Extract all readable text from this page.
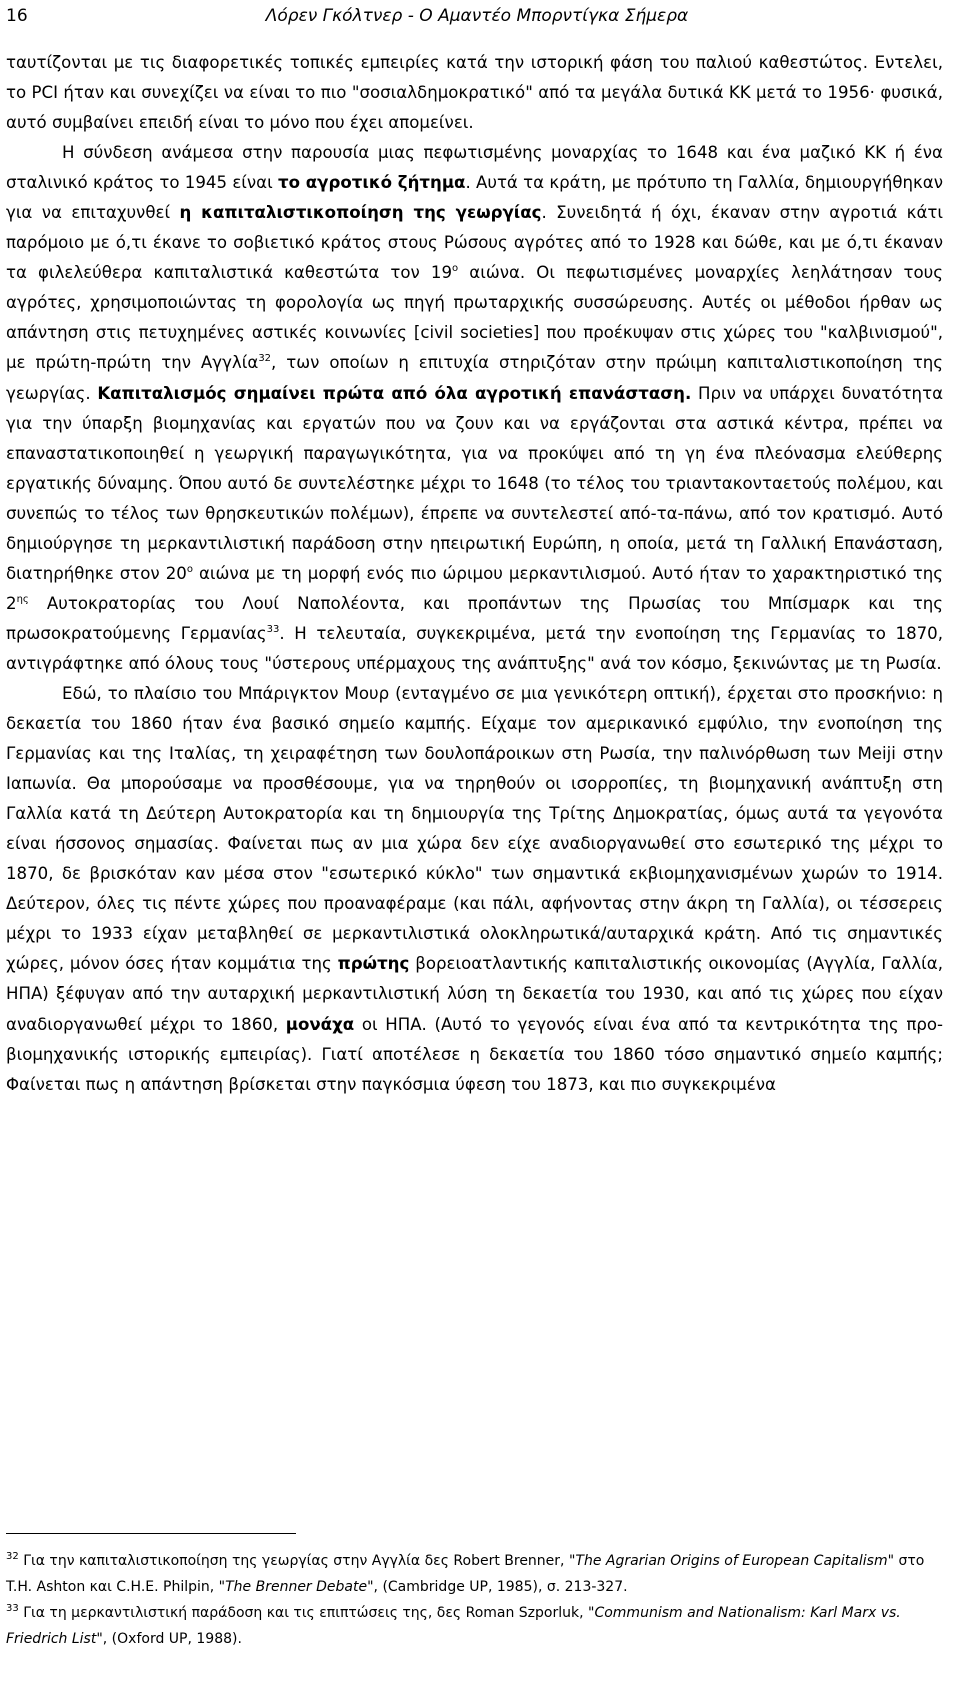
16	Λόρεν Γκόλτνερ - Ο Αμαντέο Μπορντίγκα Σήμερα

ταυτίζονται με τις διαφορετικές τοπικές εμπειρίες κατά την ιστορική φάση του παλιού καθεστώτος. Εντελει, το PCI ήταν και συνεχίζει να είναι το πιο "σοσιαλδημοκρατικό" από τα μεγάλα δυτικά ΚΚ μετά το 1956· φυσικά, αυτό συμβαίνει επειδή είναι το μόνο που έχει απομείνει.

Η σύνδεση ανάμεσα στην παρουσία μιας πεφωτισμένης μοναρχίας το 1648 και ένα μαζικό ΚΚ ή ένα σταλινικό κράτος το 1945 είναι το αγροτικό ζήτημα. Αυτά τα κράτη, με πρότυπο τη Γαλλία, δημιουργήθηκαν για να επιταχυνθεί η καπιταλιστικοποίηση της γεωργίας. Συνειδητά ή όχι, έκαναν στην αγροτιά κάτι παρόμοιο με ό,τι έκανε το σοβιετικό κράτος στους Ρώσους αγρότες από το 1928 και δώθε, και με ό,τι έκαναν τα φιλελεύθερα καπιταλιστικά καθεστώτα τον $19^o$ αιώνα. Οι πεφωτισμένες μοναρχίες λεηλάτησαν τους αγρότες, χρησιμοποιώντας τη φορολογία ως πηγή πρωταρχικής συσσώρευσης. Αυτές οι μέθοδοι ήρθαν ως απάντηση στις πετυχημένες αστικές κοινωνίες [civil societies] που προέκυψαν στις χώρες του "καλβινισμού", με πρώτη-πρώτη την Αγγλία$^{32}$, των οποίων η επιτυχία στηριζόταν στην πρώιμη καπιταλιστικοποίηση της γεωργίας. Καπιταλισμός σημαίνει πρώτα από όλα αγροτική επανάσταση. Πριν να υπάρχει δυνατότητα για την ύπαρξη βιομηχανίας και εργατών που να ζουν και να εργάζονται στα αστικά κέντρα, πρέπει να επαναστατικοποιηθεί η γεωργική παραγωγικότητα, για να προκύψει από τη γη ένα πλεόνασμα ελεύθερης εργατικής δύναμης. Όπου αυτό δε συντελέστηκε μέχρι το 1648 (το τέλος του τριαντακονταετούς πολέμου, και συνεπώς το τέλος των θρησκευτικών πολέμων), έπρεπε να συντελεστεί από-τα-πάνω, από τον κρατισμό. Αυτό δημιούργησε τη μερκαντιλιστική παράδοση στην ηπειρωτική Ευρώπη, η οποία, μετά τη Γαλλική Επανάσταση, διατηρήθηκε στον $20^o$ αιώνα με τη μορφή ενός πιο ώριμου μερκαντιλισμού. Αυτό ήταν το χαρακτηριστικό της $2^{\eta\varsigma}$ Αυτοκρατορίας του Λουί Ναπολέοντα, και προπάντων της Πρωσίας του Μπίσμαρκ και της πρωσοκρατούμενης Γερμανίας$^{33}$. Η τελευταία, συγκεκριμένα, μετά την ενοποίηση της Γερμανίας το 1870, αντιγράφτηκε από όλους τους "ύστερους υπέρμαχους της ανάπτυξης" ανά τον κόσμο, ξεκινώντας με τη Ρωσία.

Εδώ, το πλαίσιο του Μπάριγκτον Μουρ (ενταγμένο σε μια γενικότερη οπτική), έρχεται στο προσκήνιο: η δεκαετία του 1860 ήταν ένα βασικό σημείο καμπής. Είχαμε τον αμερικανικό εμφύλιο, την ενοποίηση της Γερμανίας και της Ιταλίας, τη χειραφέτηση των δουλοπάροικων στη Ρωσία, την παλινόρθωση των Meiji στην Ιαπωνία. Θα μπορούσαμε να προσθέσουμε, για να τηρηθούν οι ισορροπίες, τη βιομηχανική ανάπτυξη στη Γαλλία κατά τη Δεύτερη Αυτοκρατορία και τη δημιουργία της Τρίτης Δημοκρατίας, όμως αυτά τα γεγονότα είναι ήσσονος σημασίας. Φαίνεται πως αν μια χώρα δεν είχε αναδιοργανωθεί στο εσωτερικό της μέχρι το 1870, δε βρισκόταν καν μέσα στον "εσωτερικό κύκλο" των σημαντικά εκβιομηχανισμένων χωρών το 1914. Δεύτερον, όλες τις πέντε χώρες που προαναφέραμε (και πάλι, αφήνοντας στην άκρη τη Γαλλία), οι τέσσερεις μέχρι το 1933 είχαν μεταβληθεί σε μερκαντιλιστικά ολοκληρωτικά/αυταρχικά κράτη. Από τις σημαντικές χώρες, μόνον όσες ήταν κομμάτια της πρώτης βορειοατλαντικής καπιταλιστικής οικονομίας (Αγγλία, Γαλλία, ΗΠΑ) ξέφυγαν από την αυταρχική μερκαντιλιστική λύση τη δεκαετία του 1930, και από τις χώρες που είχαν αναδιοργανωθεί μέχρι το 1860, μονάχα οι ΗΠΑ. (Αυτό το γεγονός είναι ένα από τα κεντρικότητα της προ-βιομηχανικής ιστορικής εμπειρίας). Γιατί αποτέλεσε η δεκαετία του 1860 τόσο σημαντικό σημείο καμπής; Φαίνεται πως η απάντηση βρίσκεται στην παγκόσμια ύφεση του 1873, και πιο συγκεκριμένα

$^{32}$ Για την καπιταλιστικοποίηση της γεωργίας στην Αγγλία δες Robert Brenner, "The Agrarian Origins of European Capitalism" στο T.H. Ashton και C.H.E. Philpin, "The Brenner Debate", (Cambridge UP, 1985), σ. 213-327.

$^{33}$ Για τη μερκαντιλιστική παράδοση και τις επιπτώσεις της, δες Roman Szporluk, "Communism and Nationalism: Karl Marx vs. Friedrich List", (Oxford UP, 1988).
